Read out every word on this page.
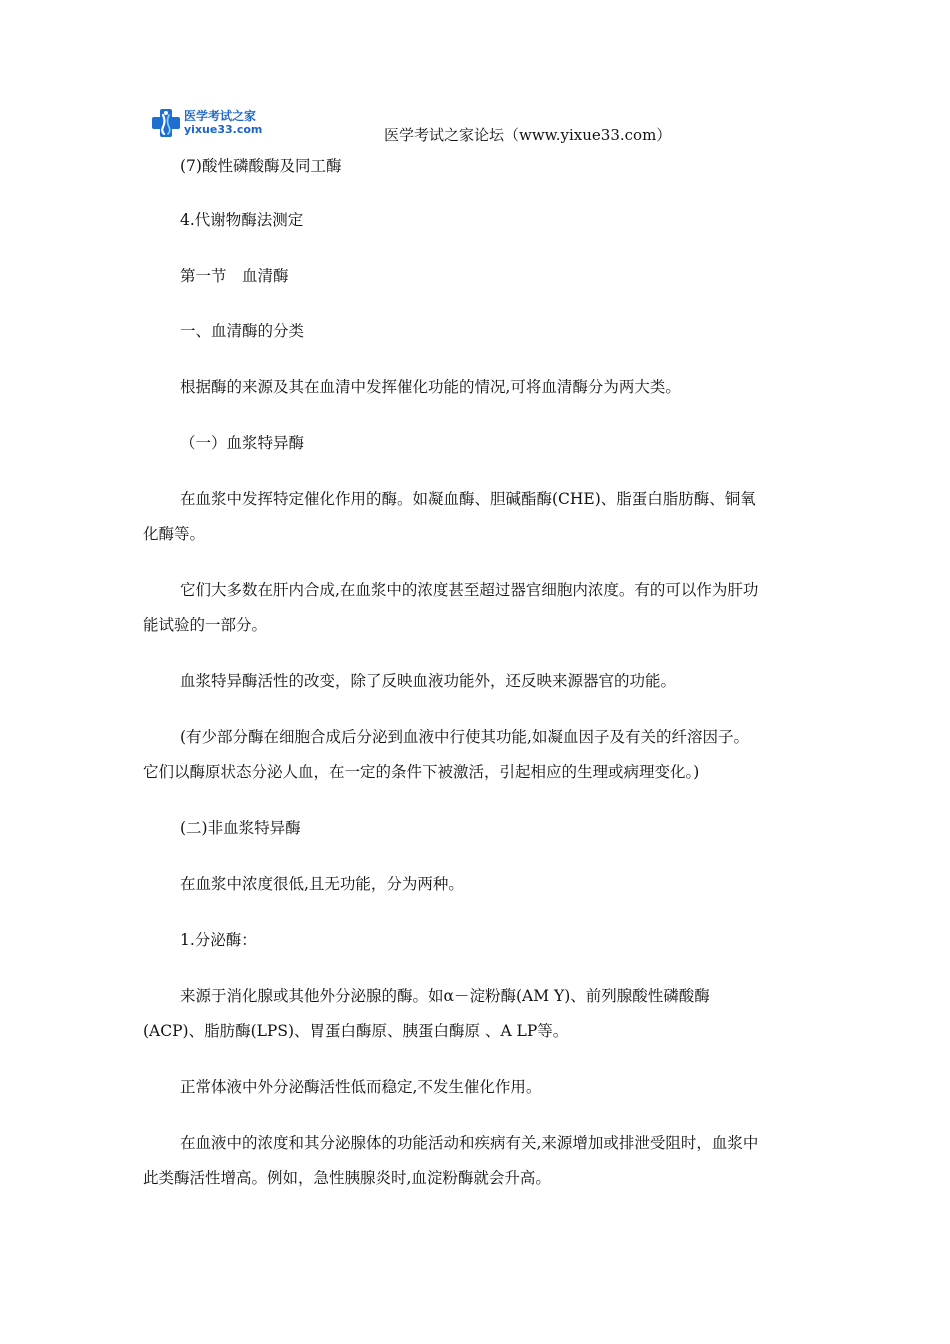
医学考试之家
yixue33.com	医学考试之家论坛（www.yixue33.com）
(7)酸性磷酸酶及同工酶
4.代谢物酶法测定
第一节　血清酶
一、血清酶的分类
根据酶的来源及其在血清中发挥催化功能的情况,可将血清酶分为两大类。
（一）血浆特异酶
在血浆中发挥特定催化作用的酶。如凝血酶、胆碱酯酶(CHE)、脂蛋白脂肪酶、铜氧
化酶等。
它们大多数在肝内合成,在血浆中的浓度甚至超过器官细胞内浓度。有的可以作为肝功
能试验的一部分。
血浆特异酶活性的改变，除了反映血液功能外，还反映来源器官的功能。
(有少部分酶在细胞合成后分泌到血液中行使其功能,如凝血因子及有关的纤溶因子。
它们以酶原状态分泌人血，在一定的条件下被激活，引起相应的生理或病理变化。)
(二)非血浆特异酶
在血浆中浓度很低,且无功能，分为两种。
1.分泌酶：
来源于消化腺或其他外分泌腺的酶。如α－淀粉酶(AM Y)、前列腺酸性磷酸酶
(ACP)、脂肪酶(LPS)、胃蛋白酶原、胰蛋白酶原 、A LP等。
正常体液中外分泌酶活性低而稳定,不发生催化作用。
在血液中的浓度和其分泌腺体的功能活动和疾病有关,来源增加或排泄受阻时，血浆中
此类酶活性增高。例如，急性胰腺炎时,血淀粉酶就会升高。
